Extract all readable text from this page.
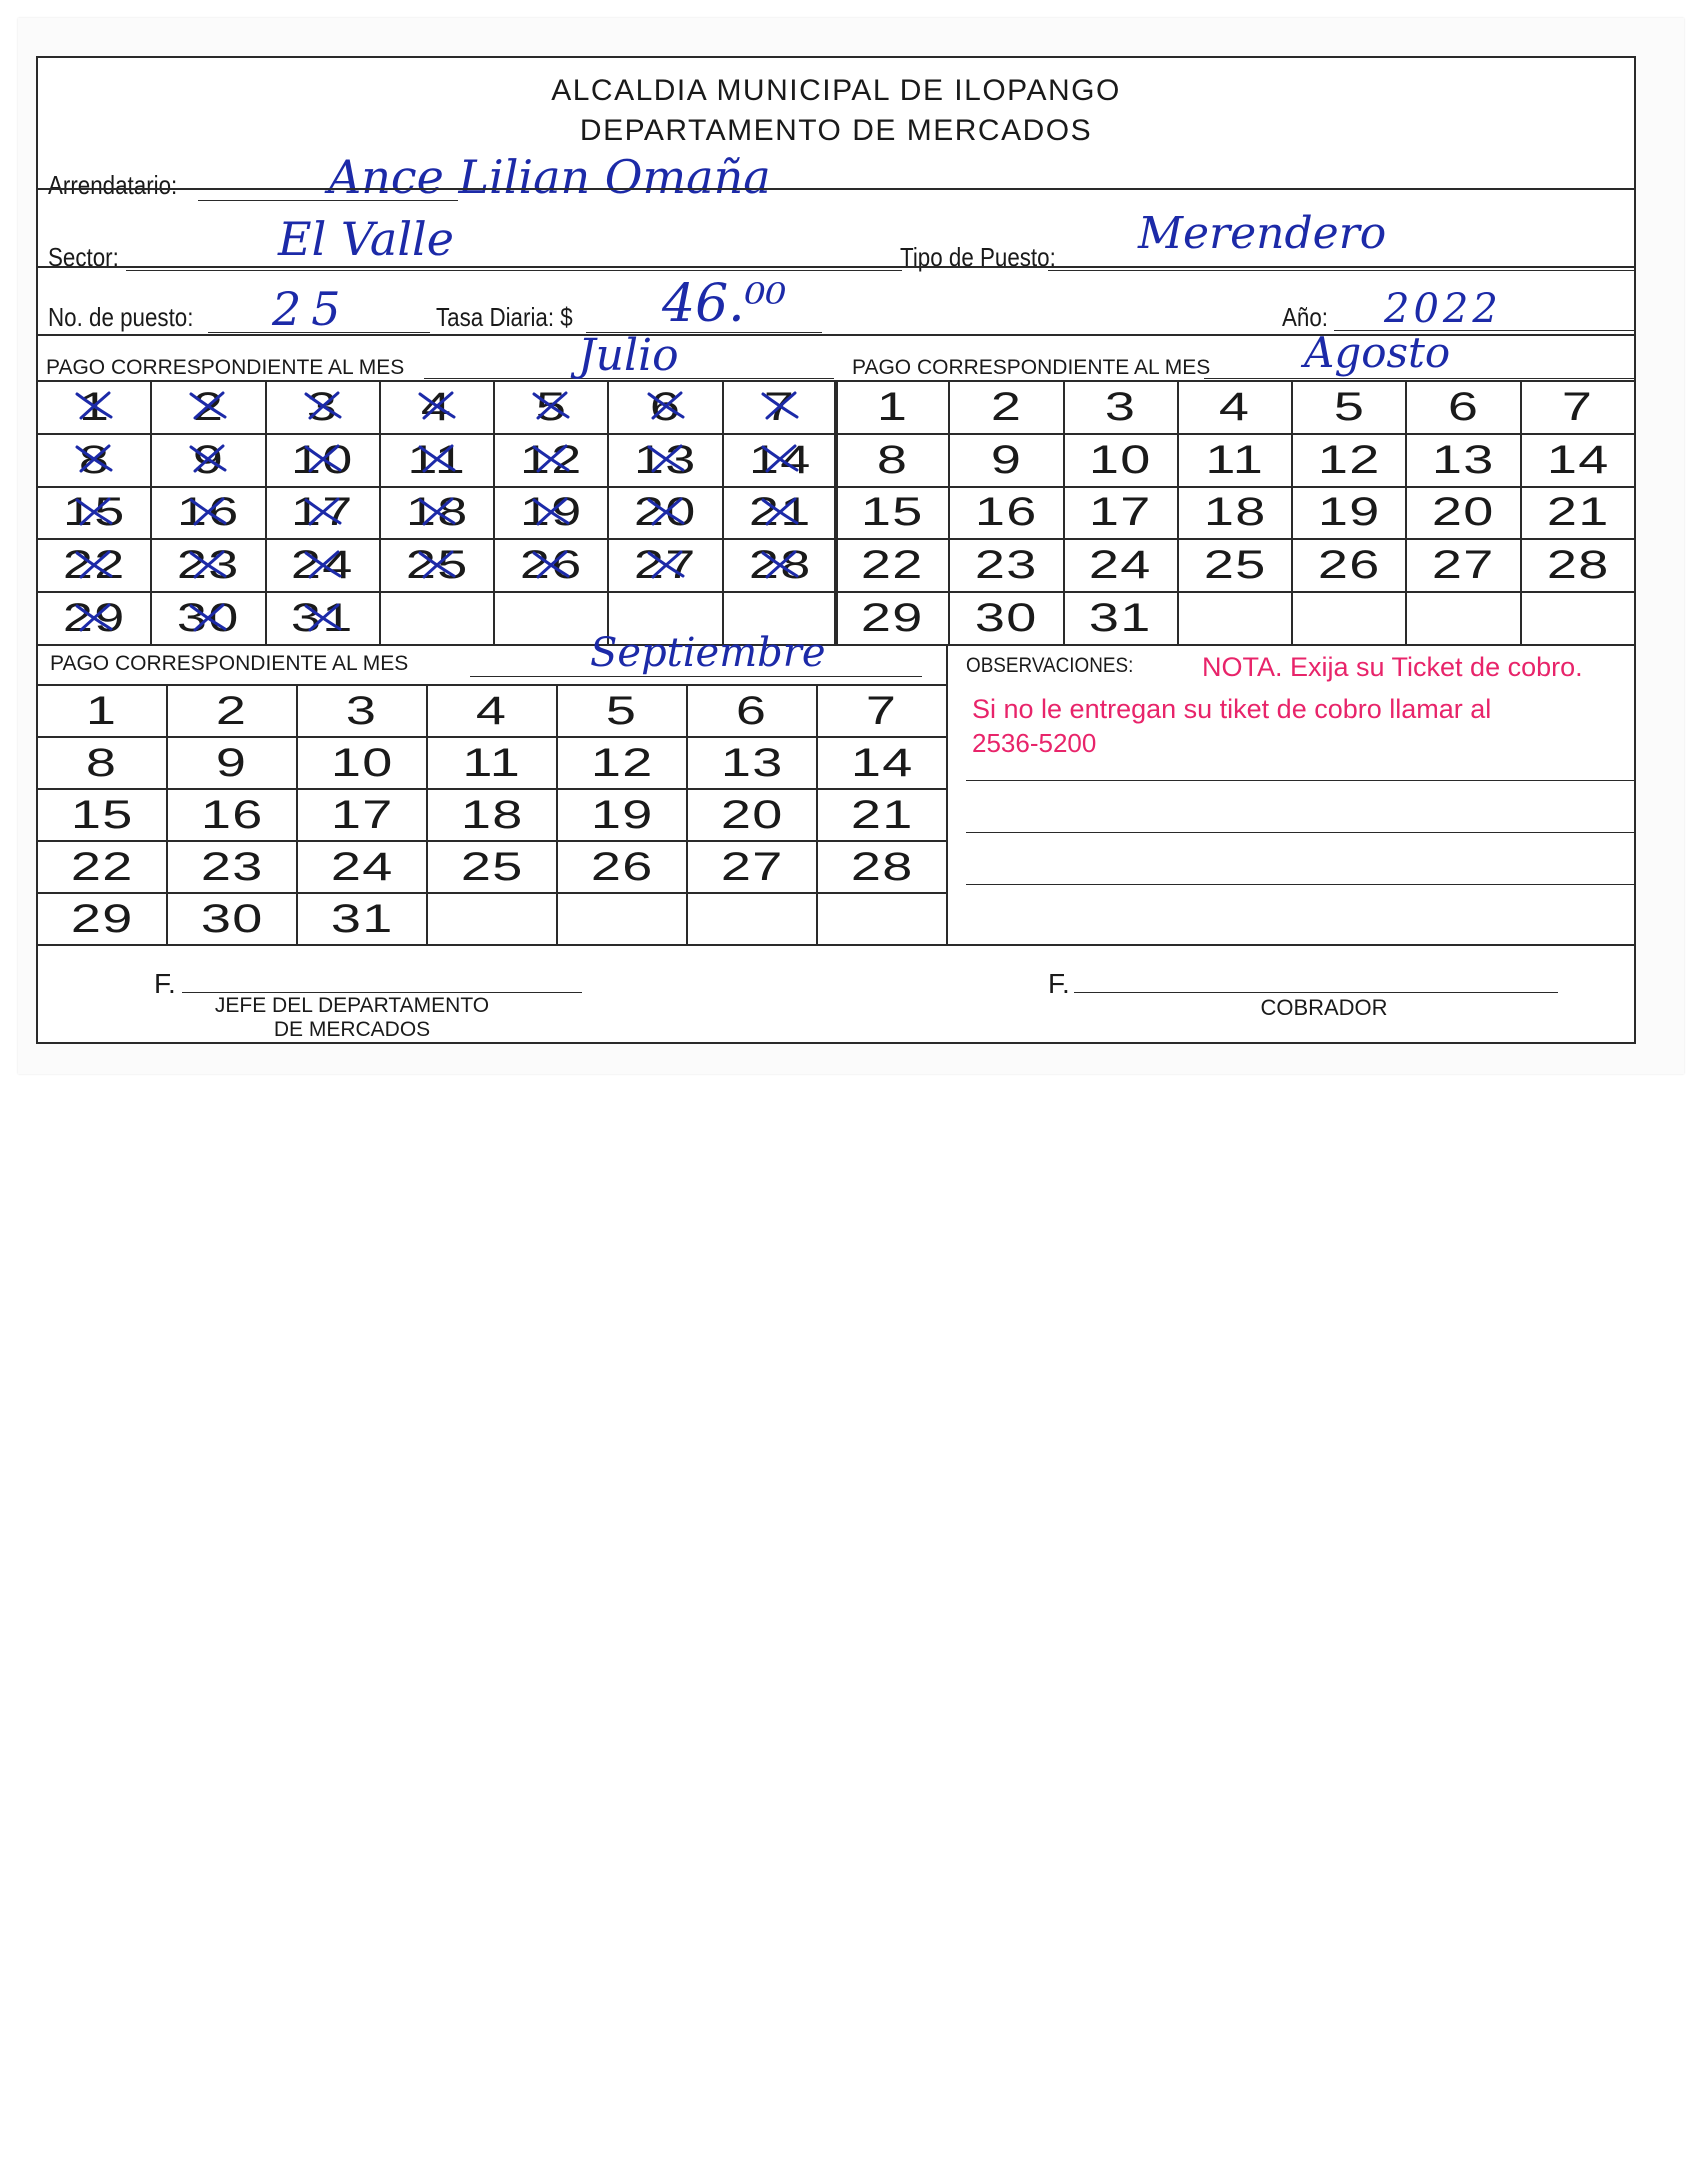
ALCALDIA MUNICIPAL DE ILOPANGO
DEPARTAMENTO DE MERCADOS
Arrendatario:	Ance Lilian Omaña
Sector:	El Valle	Tipo de Puesto: Merendero
No. de puesto: 25	Tasa Diaria: $ 46.⁰⁰	Año: 2022
PAGO CORRESPONDIENTE AL MES	Julio	PAGO CORRESPONDIENTE AL MES Agosto
1	2	3	4	5	6	7

8	9	10	11	12	13	14

15	16	17	18	19	20	21

22	23	24	25	26	27	28

29	30	31

1	2	3	4	5	6	7
8	9	10	11	12	13	14
15	16	17	18	19	20	21
22	23	24	25	26	27	28
29	30	31				
PAGO CORRESPONDIENTE AL MES	Septiembre
1	2	3	4	5	6	7
8	9	10	11	12	13	14
15	16	17	18	19	20	21
22	23	24	25	26	27	28
29	30	31				
OBSERVACIONES:	NOTA. Exija su Ticket de cobro.
Si no le entregan su tiket de cobro llamar al
2536-5200
F.
JEFE DEL DEPARTAMENTO
DE MERCADOS
F.
COBRADOR
